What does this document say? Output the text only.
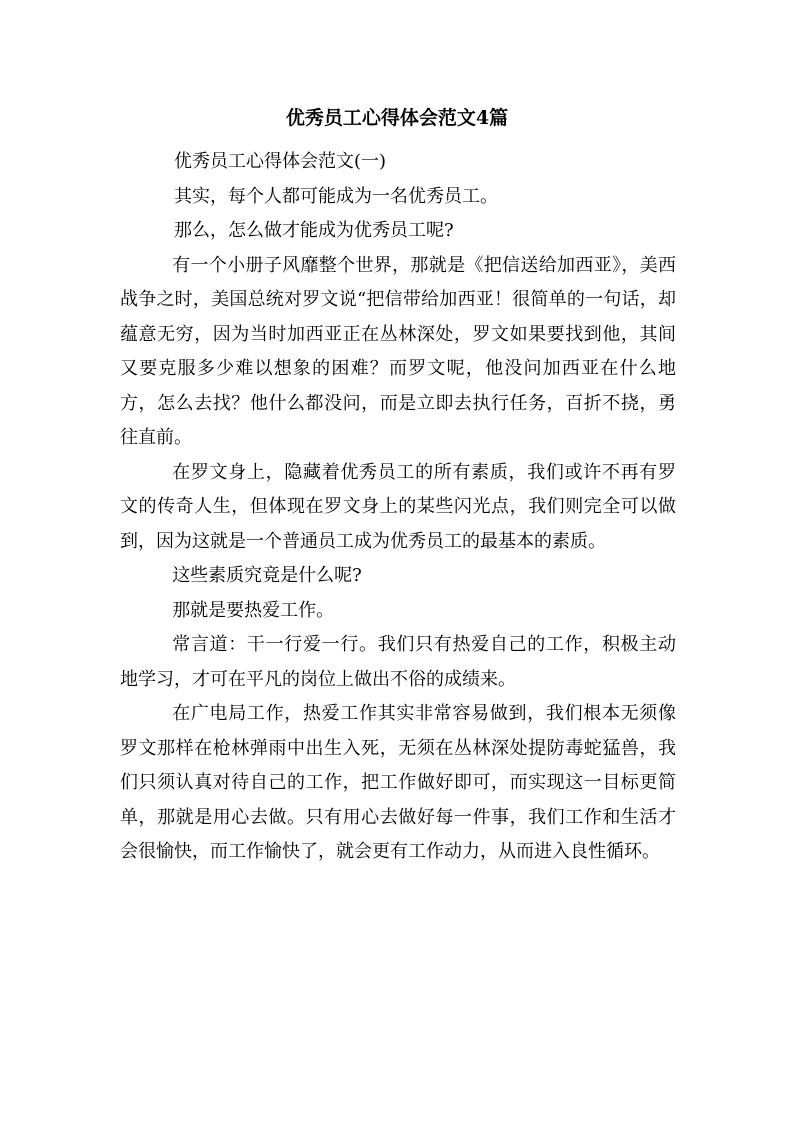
优秀员工心得体会范文4篇

优秀员工心得体会范文(一)

其实，每个人都可能成为一名优秀员工。

那么，怎么做才能成为优秀员工呢?

有一个小册子风靡整个世界，那就是《把信送给加西亚》，美西战争之时，美国总统对罗文说“把信带给加西亚！很简单的一句话，却蕴意无穷，因为当时加西亚正在丛林深处，罗文如果要找到他，其间又要克服多少难以想象的困难？而罗文呢，他没问加西亚在什么地方，怎么去找？他什么都没问，而是立即去执行任务，百折不挠，勇往直前。

在罗文身上，隐藏着优秀员工的所有素质，我们或许不再有罗文的传奇人生，但体现在罗文身上的某些闪光点，我们则完全可以做到，因为这就是一个普通员工成为优秀员工的最基本的素质。

这些素质究竟是什么呢?

那就是要热爱工作。

常言道：干一行爱一行。我们只有热爱自己的工作，积极主动地学习，才可在平凡的岗位上做出不俗的成绩来。

在广电局工作，热爱工作其实非常容易做到，我们根本无须像罗文那样在枪林弹雨中出生入死，无须在丛林深处提防毒蛇猛兽，我们只须认真对待自己的工作，把工作做好即可，而实现这一目标更简单，那就是用心去做。只有用心去做好每一件事，我们工作和生活才会很愉快，而工作愉快了，就会更有工作动力，从而进入良性循环。
